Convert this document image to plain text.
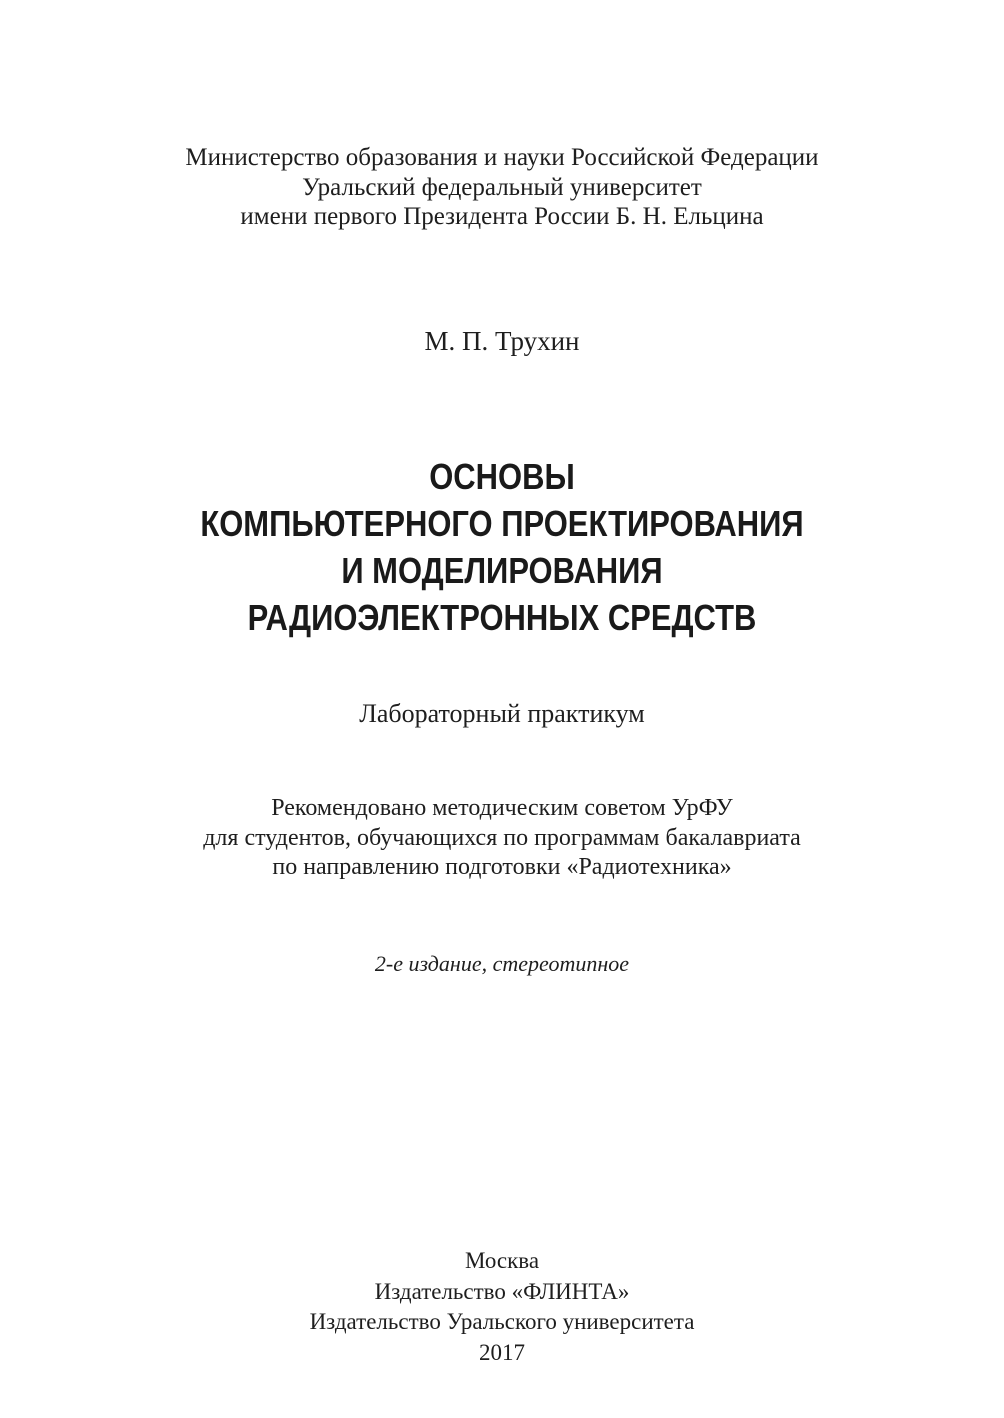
Министерство образования и науки Российской Федерации
Уральский федеральный университет
имени первого Президента России Б. Н. Ельцина
М. П. Трухин
ОСНОВЫ
КОМПЬЮТЕРНОГО ПРОЕКТИРОВАНИЯ
И МОДЕЛИРОВАНИЯ
РАДИОЭЛЕКТРОННЫХ СРЕДСТВ
Лабораторный практикум
Рекомендовано методическим советом УрФУ
для студентов, обучающихся по программам бакалавриата
по направлению подготовки «Радиотехника»
2-е издание, стереотипное
Москва
Издательство «ФЛИНТА»
Издательство Уральского университета
2017
